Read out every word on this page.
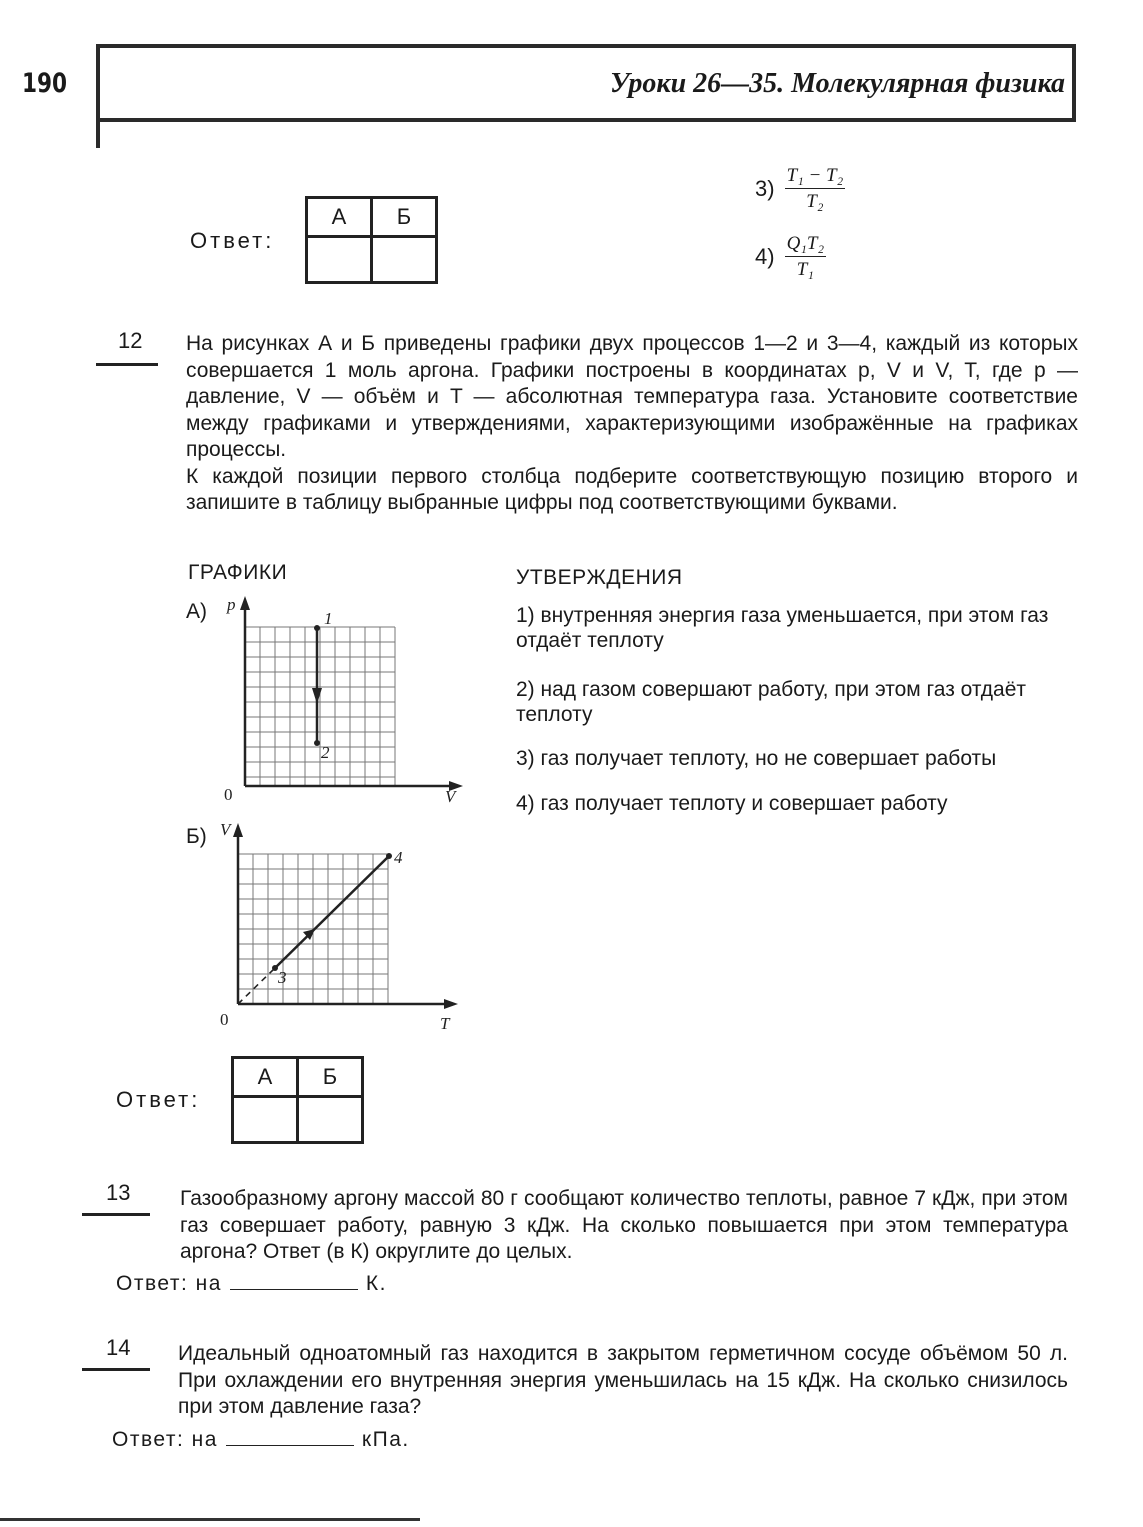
190	Уроки 26—35. Молекулярная физика
Ответ:
А	Б

$3) \frac{\text{T₁ − T₂}}{\text{T₂}}$
$4) \frac{\text{Q₁T₂}}{\text{T₁}}$
12 На рисунках А и Б приведены графики двух процессов 1—2 и 3—4, каждый из которых совершается 1 моль аргона. Графики построены в координатах p, V и V, T, где p — давление, V — объём и T — абсолютная температура газа. Установите соответствие между графиками и утверждениями, характеризующими изображённые на графиках процессы.

К каждой позиции первого столбца подберите соответствующую позицию второго и запишите в таблицу выбранные цифры под соответствующими буквами.

ГРАФИКИ	УТВЕРЖДЕНИЯ
А) p
V
0
1
2
Б) V
T
0
3
4
1) внутренняя энергия газа уменьшается, при этом газ отдаёт теплоту
2) над газом совершают работу, при этом газ отдаёт теплоту
3) газ получает теплоту, но не совершает работы
4) газ получает теплоту и совершает работу
Ответ:
А	Б

13 Газообразному аргону массой 80 г сообщают количество теплоты, равное 7 кДж, при этом газ совершает работу, равную 3 кДж. На сколько повышается при этом температура аргона? Ответ (в К) округлите до целых.
Ответ: на	К.
14 Идеальный одноатомный газ находится в закрытом герметичном сосуде объёмом 50 л. При охлаждении его внутренняя энергия уменьшилась на 15 кДж. На сколько снизилось при этом давление газа?
Ответ: на	кПа.
